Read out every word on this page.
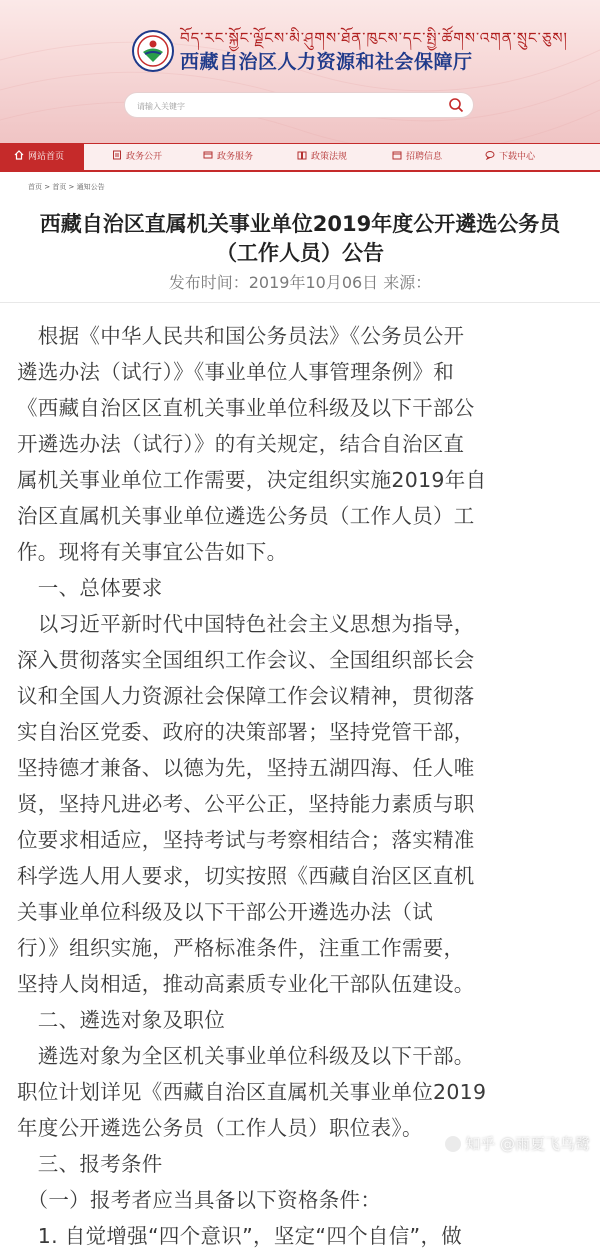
བོད་རང་སྐྱོང་ལྗོངས་མི་ཤུགས་ཐོན་ཁུངས་དང་སྤྱི་ཚོགས་འགན་སྲུང་ཅུས།
西藏自治区人力资源和社会保障厅
请输入关键字
网站首页	政务公开	政务服务	政策法规	招聘信息	下载中心
首页 > 首页 > 通知公告
西藏自治区直属机关事业单位2019年度公开遴选公务员
（工作人员）公告
发布时间：2019年10月06日 来源：
　根据《中华人民共和国公务员法》《公务员公开
遴选办法（试行）》《事业单位人事管理条例》和
《西藏自治区区直机关事业单位科级及以下干部公
开遴选办法（试行）》的有关规定，结合自治区直
属机关事业单位工作需要，决定组织实施2019年自
治区直属机关事业单位遴选公务员（工作人员）工
作。现将有关事宜公告如下。
　一、总体要求
　以习近平新时代中国特色社会主义思想为指导，
深入贯彻落实全国组织工作会议、全国组织部长会
议和全国人力资源社会保障工作会议精神，贯彻落
实自治区党委、政府的决策部署；坚持党管干部，
坚持德才兼备、以德为先，坚持五湖四海、任人唯
贤，坚持凡进必考、公平公正，坚持能力素质与职
位要求相适应，坚持考试与考察相结合；落实精准
科学选人用人要求，切实按照《西藏自治区区直机
关事业单位科级及以下干部公开遴选办法（试
行）》组织实施，严格标准条件，注重工作需要，
坚持人岗相适，推动高素质专业化干部队伍建设。
　二、遴选对象及职位
　遴选对象为全区机关事业单位科级及以下干部。
职位计划详见《西藏自治区直属机关事业单位2019
年度公开遴选公务员（工作人员）职位表》。
　三、报考条件
　（一）报考者应当具备以下资格条件：
　1. 自觉增强“四个意识”，坚定“四个自信”，做
知乎 @雨夏飞鸟鹭
